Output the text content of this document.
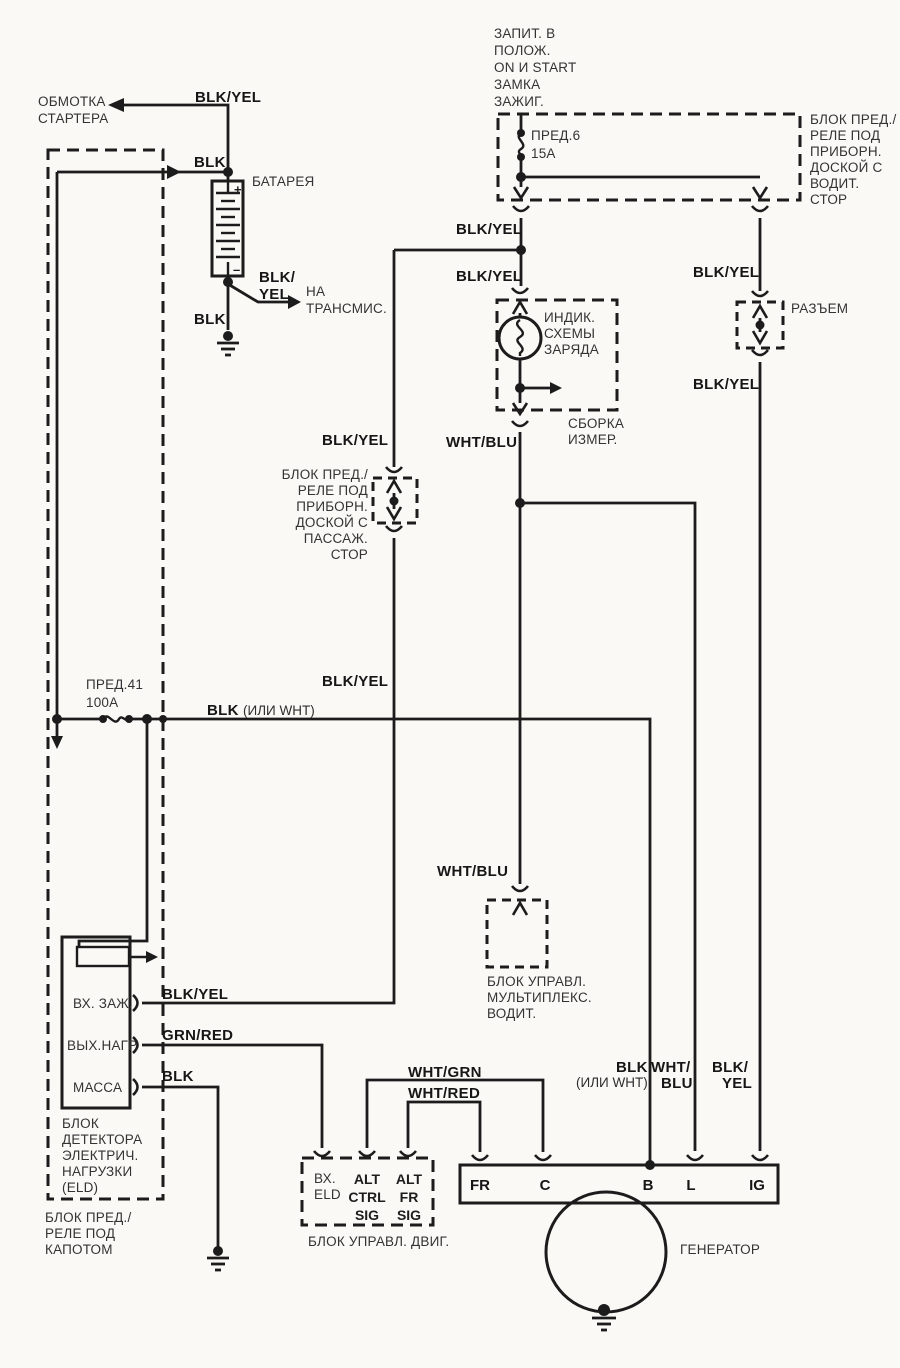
+
–
ОБМОТКА
СТАРТЕРА
BLK/YEL
BLK
БАТАРЕЯ
BLK/
YEL НА
ТРАНСМИС.
BLK
ЗАПИТ. В
ПОЛОЖ.
ON И START
ЗАМКА
ЗАЖИГ.
ПРЕД.6
15А
БЛОК ПРЕД./
РЕЛЕ ПОД
ПРИБОРН.
ДОСКОЙ С
ВОДИТ.
СТОР
BLK/YEL
BLK/YEL
ИНДИК.
СХЕМЫ
ЗАРЯДА
СБОРКА
ИЗМЕР.
WHT/BLU
BLK/YEL
РАЗЪЕМ
BLK/YEL
БЛОК ПРЕД./
РЕЛЕ ПОД
ПРИБОРН.
ДОСКОЙ С
ПАССАЖ.
СТОР
BLK/YEL
ПРЕД.41
100А	BLK (ИЛИ WHT)
BLK/YEL
WHT/BLU
БЛОК УПРАВЛ.
МУЛЬТИПЛЕКС.
ВОДИТ.
ВХ. ЗАЖ.
ВЫХ.НАГР.
МАССА
BLK/YEL
GRN/RED
BLK
БЛОК
ДЕТЕКТОРА
ЭЛЕКТРИЧ.
НАГРУЗКИ
(ELD)
БЛОК ПРЕД./
РЕЛЕ ПОД
КАПОТОМ
WHT/GRN
WHT/RED
BLK
(ИЛИ WHT)
WHT/
BLU
BLK/
YEL
ВХ.
ELD
ALT
CTRL
SIG
ALT
FR
SIG
БЛОК УПРАВЛ. ДВИГ.
FR	C	B L	IG
ГЕНЕРАТОР
